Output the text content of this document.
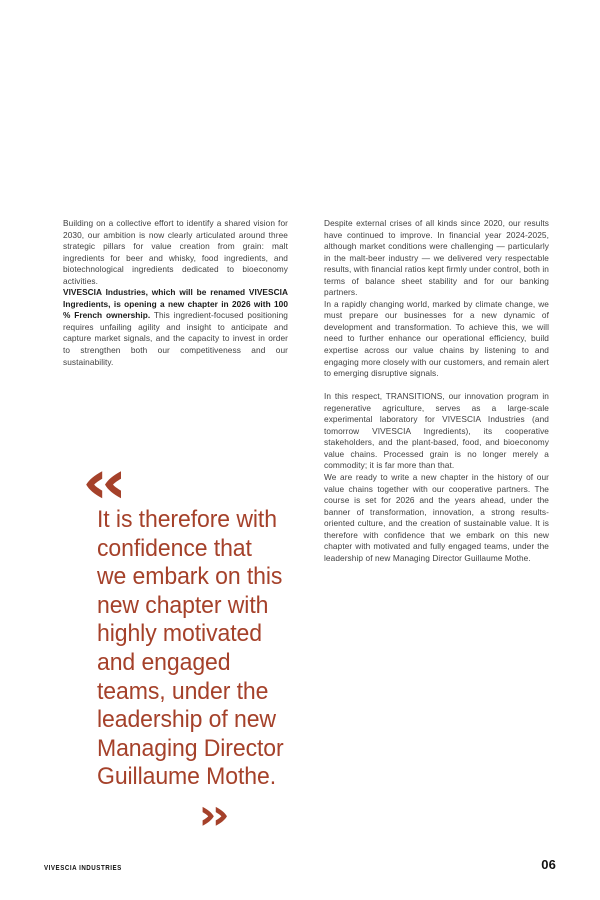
Building on a collective effort to identify a shared vision for 2030, our ambition is now clearly articulated around three strategic pillars for value creation from grain: malt ingredients for beer and whisky, food ingredients, and biotechnological ingredients dedicated to bioeconomy activities.

VIVESCIA Industries, which will be renamed VIVESCIA Ingredients, is opening a new chapter in 2026 with 100 % French ownership. This ingredient-focused positioning requires unfailing agility and insight to anticipate and capture market signals, and the capacity to invest in order to strengthen both our competitiveness and our sustainability.

Despite external crises of all kinds since 2020, our results have continued to improve. In financial year 2024-2025, although market conditions were challenging — particularly in the malt-beer industry — we delivered very respectable results, with financial ratios kept firmly under control, both in terms of balance sheet stability and for our banking partners.

In a rapidly changing world, marked by climate change, we must prepare our businesses for a new dynamic of development and transformation. To achieve this, we will need to further enhance our operational efficiency, build expertise across our value chains by listening to and engaging more closely with our customers, and remain alert to emerging disruptive signals.

In this respect, TRANSITIONS, our innovation program in regenerative agriculture, serves as a large-scale experimental laboratory for VIVESCIA Industries (and tomorrow VIVESCIA Ingredients), its cooperative stakeholders, and the plant-based, food, and bioeconomy value chains. Processed grain is no longer merely a commodity; it is far more than that.

We are ready to write a new chapter in the history of our value chains together with our cooperative partners. The course is set for 2026 and the years ahead, under the banner of transformation, innovation, a strong results-oriented culture, and the creation of sustainable value. It is therefore with confidence that we embark on this new chapter with motivated and fully engaged teams, under the leadership of new Managing Director Guillaume Mothe.

It is therefore with confidence that we embark on this new chapter with highly motivated and engaged teams, under the leadership of new Managing Director Guillaume Mothe.

VIVESCIA INDUSTRIES	06
